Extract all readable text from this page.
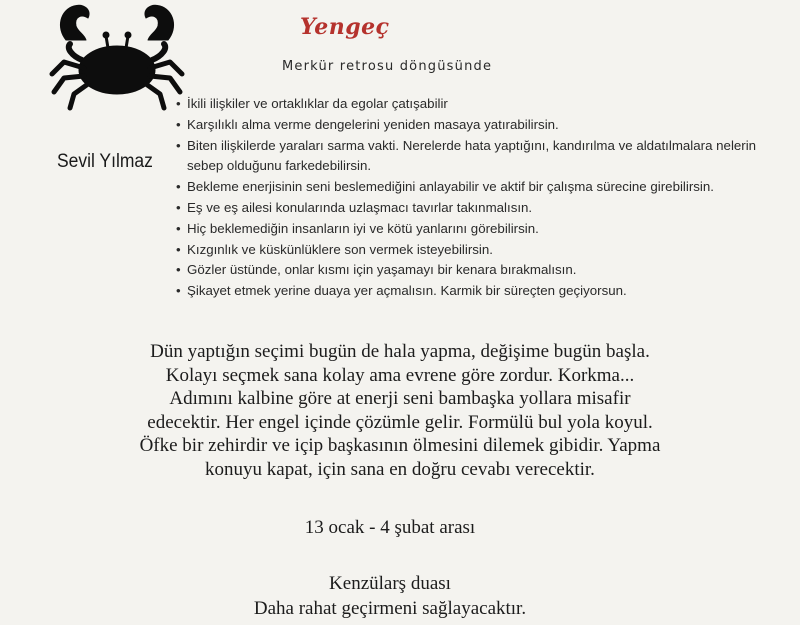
Yengeç
Merkür retrosu döngüsünde
Sevil Yılmaz
• İkili ilişkiler ve ortaklıklar da egolar çatışabilir
• Karşılıklı alma verme dengelerini yeniden masaya yatırabilirsin.
• Biten ilişkilerde yaraları sarma vakti. Nerelerde hata yaptığını, kandırılma ve aldatılmalara nelerin sebep olduğunu farkedebilirsin.
• Bekleme enerjisinin seni beslemediğini anlayabilir ve aktif bir çalışma sürecine girebilirsin.
• Eş ve eş ailesi konularında uzlaşmacı tavırlar takınmalısın.
• Hiç beklemediğin insanların iyi ve kötü yanlarını görebilirsin.
• Kızgınlık ve küskünlüklere son vermek isteyebilirsin.
• Gözler üstünde, onlar kısmı için yaşamayı bir kenara bırakmalısın.
• Şikayet etmek yerine duaya yer açmalısın. Karmik bir süreçten geçiyorsun.

Dün yaptığın seçimi bugün de hala yapma, değişime bugün başla.

Kolayı seçmek sana kolay ama evrene göre zordur. Korkma...

Adımını kalbine göre at enerji seni bambaşka yollara misafir

edecektir. Her engel içinde çözümle gelir. Formülü bul yola koyul.

Öfke bir zehirdir ve içip başkasının ölmesini dilemek gibidir. Yapma

konuyu kapat, için sana en doğru cevabı verecektir.

13 ocak - 4 şubat arası
Kenzülarş duası
Daha rahat geçirmeni sağlayacaktır.
